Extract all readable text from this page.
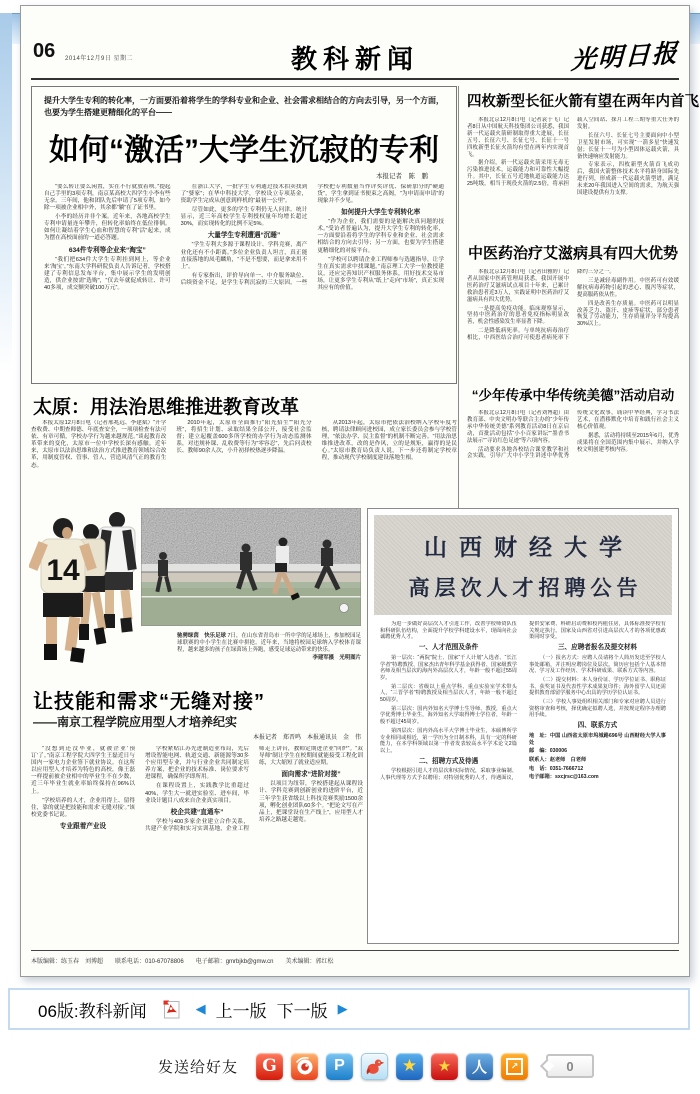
06 2014年12月9日 星期二	教科新闻	光明日报
提升大学生专利的转化率，一方面要沿着将学生的学科专业和企业、社会需求相结合的方向去引导，另一个方面，也要为学生搭建更精细化的平台——
如何“激活”大学生沉寂的专利
本报记者　陈　鹏
“要么转让要么闲置，实在不行就放着呗。”提起自己手里的3项专利，南京某高校大四学生小李有些无奈。三年间，他和团队先后申请了5项专利，如今除一项被企业相中外，其余都“躺”在了证书里。
小李的经历并非个案。近年来，各地高校学生专利申请量连年攀升，但转化率始终在低位徘徊。如何让凝结着学生心血和智慧的专利“活”起来，成为摆在高校面前的一道必答题。
634件专利等企业来“淘宝”
“我们把634件大学生专利挂到网上，等企业来‘淘宝’。”东南大学科研院负责人告诉记者，学校搭建了专利信息发布平台，集中展示学生的发明创造，供企业按需“选购”，“仅去年就促成转让、许可40多项，成交额突破100万元”。
在浙江大学，一批学生专利通过技术拍卖找到了“婆家”；在华中科技大学，学校设立专项基金，资助学生完成从创意到样机的“最初一公里”。
尽管如此，更多的学生专利仍无人问津。统计显示，近三年高校学生专利授权量年均增长超过30%，而实现转化的比例不足5%。
大量学生专利遭遇“沉睡”
“学生专利大多源于课程设计、学科竞赛，离产业化还有不小距离。”多位企业负责人坦言，真正能直接落地的凤毛麟角，“不是不想要，而是拿来用不上”。
有专家指出，评价导向单一、中介服务缺位、后续资金不足，是学生专利沉寂的三大原因。一些学校把专利数量当作评奖评优、保研加分的“硬通货”，学生拿到证书便束之高阁，“为申请而申请”的现象并不少见。
如何提升大学生专利转化率
“作为企业，我们需要的是能解决真问题的技术。”受访者普遍认为，提升大学生专利的转化率，一方面要沿着将学生的学科专业和企业、社会需求相结合的方向去引导；另一方面，也要为学生搭建更精细化的对接平台。
“学校可以聘请企业工程师参与选题指导，让学生在真实需求中找课题。”南京理工大学一位教授建议，还应完善知识产权服务体系，用好技术交易市场，让更多学生专利从“纸上”走向“市场”，真正实现其应有的价值。
四枚新型长征火箭有望在两年内首飞
本报北京12月8日电（记者袁于飞）记者8日从中国航天科技集团公司获悉，我国新一代运载火箭研制取得重大进展，长征五号、长征六号、长征七号、长征十一号四枚新型长征火箭均有望在两年内实现首飞。
据介绍，新一代运载火箭采用无毒无污染推进技术，运载能力和可靠性大幅提升。其中，长征五号近地轨道运载能力达25吨级，相当于现役火箭的2.5倍，将承担载人空间站、探月工程三期等重大任务的发射。
长征六号、长征七号主要面向中小型卫星发射市场，可实现“一箭多星”快速发射；长征十一号为小型固体运载火箭，具备快速响应发射能力。
专家表示，四枚新型火箭首飞成功后，我国火箭整体技术水平将跻身国际先进行列，形成新一代运载火箭型谱，满足未来20年我国进入空间的需求，为航天强国建设提供有力支撑。
中医药治疗艾滋病具有四大优势
本报北京12月8日电（记者田雅婷）记者从国家中医药管理局获悉，我国开展中医药治疗艾滋病试点项目十年来，已累计救治患者近3万人，实践证明中医药治疗艾滋病具有四大优势。
一是提高免疫功能。临床观察显示，坚持中医药治疗的患者免疫指标明显改善，机会性感染发生率显著下降。
二是降低病死率。与单纯抗病毒治疗相比，中西医结合治疗可使患者病死率下降约三分之一。
三是减轻毒副作用。中医药可有效缓解抗病毒药物引起的恶心、腹泻等症状，提高服药依从性。
四是改善生存质量。中医药可以明显改善乏力、盗汗、皮疹等症状，部分患者恢复了劳动能力，生存质量评分平均提高30%以上。
“少年传承中华传统美德”活动启动
本报北京12月8日电（记者刘博超）由教育部、中央文明办等联合主办的“少年传承中华传统美德”系列教育活动8日在京启动，首批活动包括“小小百家讲坛”“墨香书法展示”“寻访红色足迹”等六项内容。
活动要求各地各校结合课堂教学和社会实践，引导广大中小学生讲述中华优秀传统文化故事，诵读中华经典，学习书法艺术，在潜移默化中培育和践行社会主义核心价值观。
据悉，活动将持续至2015年6月，优秀成果将在全国范围内集中展示，并纳入学校文明创建考核内容。
太原：用法治思维推进教育改革
本报太原12月8日电（记者邢兆远、李建斌）“开学查收费、中期查师德、年底查安全，一项项检查有法可依、有章可循，学校办学行为越来越规范。”谈起教育改革带来的变化，太原市一位中学校长深有感触。近年来，太原市以法治思维和法治方式推进教育领域综合改革，用制度管权、管事、管人，营造风清气正的教育生态。
2010年起，太原市全面推行“阳光招生”“阳光分班”，将招生计划、录取结果全部公开，接受社会监督；建立起覆盖600多所学校的办学行为动态监测体系，对违规补课、乱收费等行为“零容忍”，先后问责校长、教师90余人次，小升初择校热逐步降温。
从2013年起，太原市把依法治校纳入学校年度考核，聘请法律顾问进校园，成立家长委员会参与学校管理，“依法办学、民主监督”的机制不断完善。“用法治思维推进改革，改的是作风，立的是规矩，赢得的是民心。”太原市教育局负责人说，下一步还将制定学校章程，推动现代学校制度建设落地生根。
14
驰骋绿茵　快乐足球 7日，在山东省青岛市一所中学的足球场上，参加校园足球联赛的中小学生在比赛中拼抢。近年来，当地将校园足球纳入学校体育课程，越来越多的孩子在绿茵场上奔跑，感受足球运动带来的快乐。
李建军摄　光明图片
让技能和需求“无缝对接”
——南京工程学院应用型人才培养纪实
本报记者　郑晋鸣　本报通讯员　金　伟
“没想到还没毕业，就被企业‘预订’了。”南京工程学院大四学生王磊近日与国内一家电力企业签下就业协议。在这所以应用型人才培养为特色的高校，像王磊一样提前被企业相中的毕业生不在少数，近三年毕业生就业率始终保持在96%以上。
“学校培养的人才，企业用得上、留得住，靠的就是把技能和需求‘无缝对接’。”该校党委书记说。
专业跟着产业设
学校紧贴江苏先进制造业布局，先后增设智能电网、轨道交通、新能源等30多个应用型专业，并与行业企业共同制定培养方案，把企业的技术标准、岗位要求写进课程，确保所学即所用。
在课程设置上，实践教学比重超过40%，学生大一就进实验室、进车间，毕业设计题目八成来自企业真实项目。
校企共建“直通车”
学校与400多家企业建立合作关系，共建产业学院和实习实训基地，企业工程师走上讲台，教师定期进企业“回炉”。“双导师”制让学生在校期间就能接受工程化训练，大大缩短了就业适应期。
面向需求“进阶对接”
以项目为纽带，学校搭建起从课程设计、学科竞赛到创新创业的进阶平台，近三年学生获省级以上科技竞赛奖励1500余项，孵化创业团队60多个。“把论文写在产品上，把课堂设在生产线上”，应用型人才培养之路越走越宽。
山西财经大学
高层次人才招聘公告
为进一步做好高层次人才引进工作，改善学校师资队伍和科研队伍结构，全面提升学校学科建设水平，现面向社会诚聘优秀人才。
一、人才范围及条件
第一层次：“两院”院士、国家“千人计划”入选者、“长江学者”特聘教授、国家杰出青年科学基金获得者、国家级教学名师及相当层次的海内外高层次人才，年龄一般不超过55周岁。
第二层次：省级以上重点学科、重点实验室学术带头人，“三晋学者”特聘教授及相当层次人才，年龄一般不超过50周岁。
第三层次：国内外知名大学博士生导师、教授，重点大学优秀博士毕业生，海外知名大学取得博士学位者，年龄一般不超过45周岁。
第四层次：国内外高水平大学博士毕业生，本硕博所学专业相同或相近，第一学历为全日制本科，具有一定的科研能力，在本学科领域以第一作者发表较高水平学术论文2篇以上。
二、招聘方式及待遇
学校根据引进人才的层次和实际情况，采取事业编制、人事代理等方式予以聘用；对特别优秀的人才，待遇面议，提供安家费、科研启动费和校内租住房，具体标准按学校有关规定执行。国家及山西省对引进高层次人才的各项优惠政策同时享受。
三、应聘者报名及提交材料
（一）报名方式：应聘人员请将个人简历发送至学校人事处邮箱，并注明应聘岗位及层次。简历应包括个人基本情况、学习及工作经历、学术科研成果、联系方式等内容。
（二）提交材料：本人身份证、学历学位证书、职称证书、获奖证书及代表性学术成果复印件；海外留学人员还需提供教育部留学服务中心出具的学历学位认证书。
（三）学校人事处组织相关部门和专家对应聘人员进行资格审查和考核，择优确定拟聘人选，并按规定程序办理聘用手续。
四、联系方式
地　址：中国 山西省太原市坞城路696号 山西财经大学人事处
邮　编：030006
联系人：赵老师　白老师
电　话：0351-7666712
电子邮箱：sxcjrsc@163.com
本版编辑：练玉春　刘博超　　联系电话：010-67078806　　电子邮箱：gmrbjkb@gmw.cn　　美术编辑：郭红松
06版:教科新闻	◀ 上一版 下一版 ▶
发送给好友 G	P	★ ★ 人	↗	0
